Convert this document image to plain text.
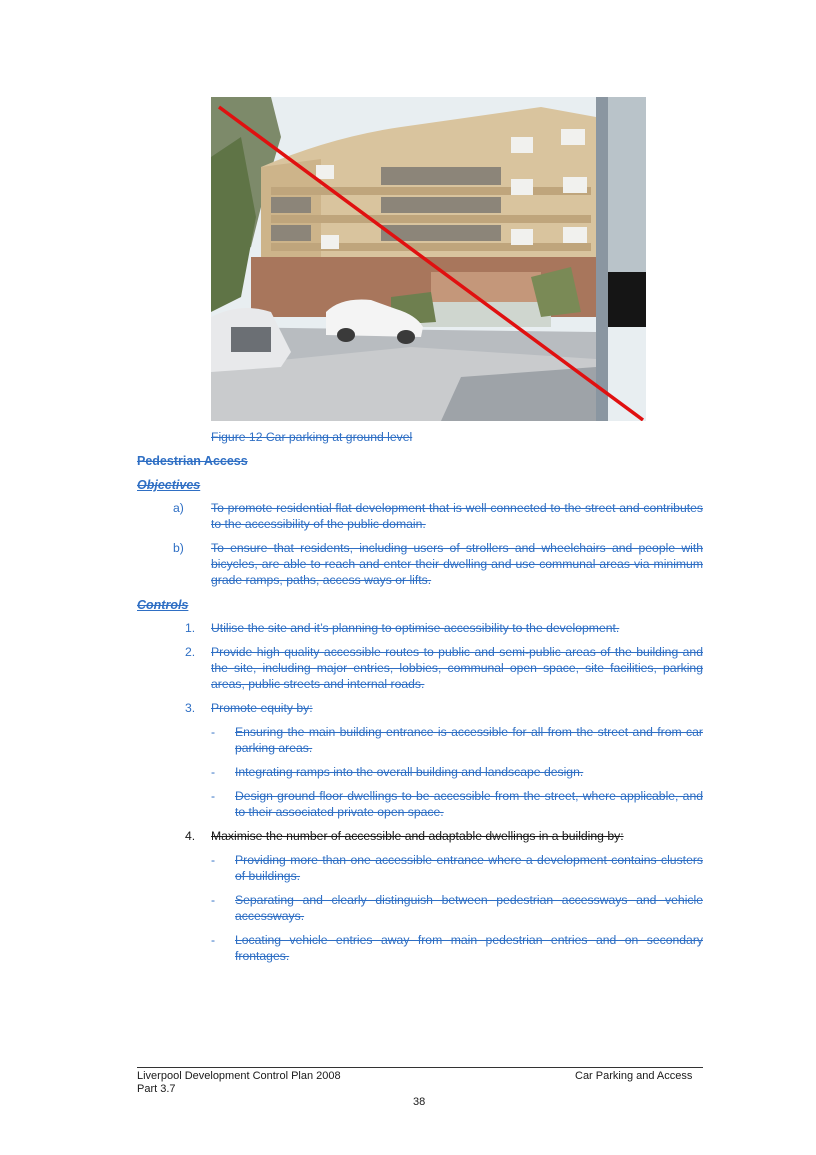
Figure 12 Car parking at ground level
Pedestrian Access
Objectives
a)	To promote residential flat development that is well connected to the street and contributes to the accessibility of the public domain.
b)	To ensure that residents, including users of strollers and wheelchairs and people with bicycles, are able to reach and enter their dwelling and use communal areas via minimum grade ramps, paths, access ways or lifts.
Controls
1.	Utilise the site and it’s planning to optimise accessibility to the development.
2.	Provide high quality accessible routes to public and semi-public areas of the building and the site, including major entries, lobbies, communal open space, site facilities, parking areas, public streets and internal roads.
3.	Promote equity by:
-	Ensuring the main building entrance is accessible for all from the street and from car parking areas.
-	Integrating ramps into the overall building and landscape design.
-	Design ground floor dwellings to be accessible from the street, where applicable, and to their associated private open space.
4.	Maximise the number of accessible and adaptable dwellings in a building by:
-	Providing more than one accessible entrance where a development contains clusters of buildings.
-	Separating and clearly distinguish between pedestrian accessways and vehicle accessways.
-	Locating vehicle entries away from main pedestrian entries and on secondary frontages.
Liverpool Development Control Plan 2008
Part 3.7
Car Parking and Access
38
